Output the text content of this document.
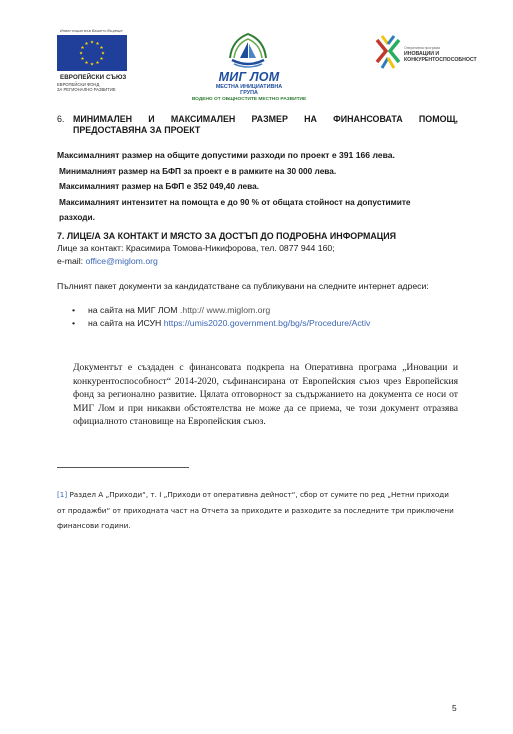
Инвестиции във Вашето бъдеще
ЕВРОПЕЙСКИ СЪЮЗ
ЕВРОПЕЙСКИ ФОНД
ЗА РЕГИОНАЛНО РАЗВИТИЕ
МИГ ЛОМ
МЕСТНА ИНИЦИАТИВНА
ГРУПА
ВОДЕНО ОТ ОБЩНОСТИТЕ МЕСТНО РАЗВИТИЕ
Оперативна програма
ИНОВАЦИИ И
КОНКУРЕНТОСПОСОБНОСТ
6. МИНИМАЛЕН И МАКСИМАЛЕН РАЗМЕР НА ФИНАНСОВАТА ПОМОЩ,
ПРЕДОСТАВЯНА ЗА ПРОЕКТ
Максималният размер на общите допустими разходи по проект е 391 166 лева.
Минималният размер на БФП за проект е в рамките на 30 000 лева.
Максималният размер на БФП е 352 049,40 лева.
Максималният интензитет на помощта е до 90 % от общата стойност на допустимите
разходи.
7. ЛИЦЕ/А ЗА КОНТАКТ И МЯСТО ЗА ДОСТЪП ДО ПОДРОБНА ИНФОРМАЦИЯ
Лице за контакт: Красимира Томова-Никифорова, тел. 0877 944 160;
e-mail: office@miglom.org
Пълният пакет документи за кандидатстване са публикувани на следните интернет адреси:
• на сайта на МИГ ЛОМ .http:// www.miglom.org
• на сайта на ИСУН https://umis2020.government.bg/bg/s/Procedure/Activ
Документът е създаден с финансовата подкрепа на Оперативна програма „Иновации и конкурентоспособност“ 2014-2020, съфинансирана от Европейския съюз чрез Европейския фонд за регионално развитие. Цялата отговорност за съдържанието на документа се носи от МИГ Лом и при никакви обстоятелства не може да се приема, че този документ отразява официалното становище на Европейския съюз.
[1] Раздел А „Приходи“, т. I „Приходи от оперативна дейност“, сбор от сумите по ред „Нетни приходи от продажби“ от приходната част на Отчета за приходите и разходите за последните три приключени финансови години.
5
